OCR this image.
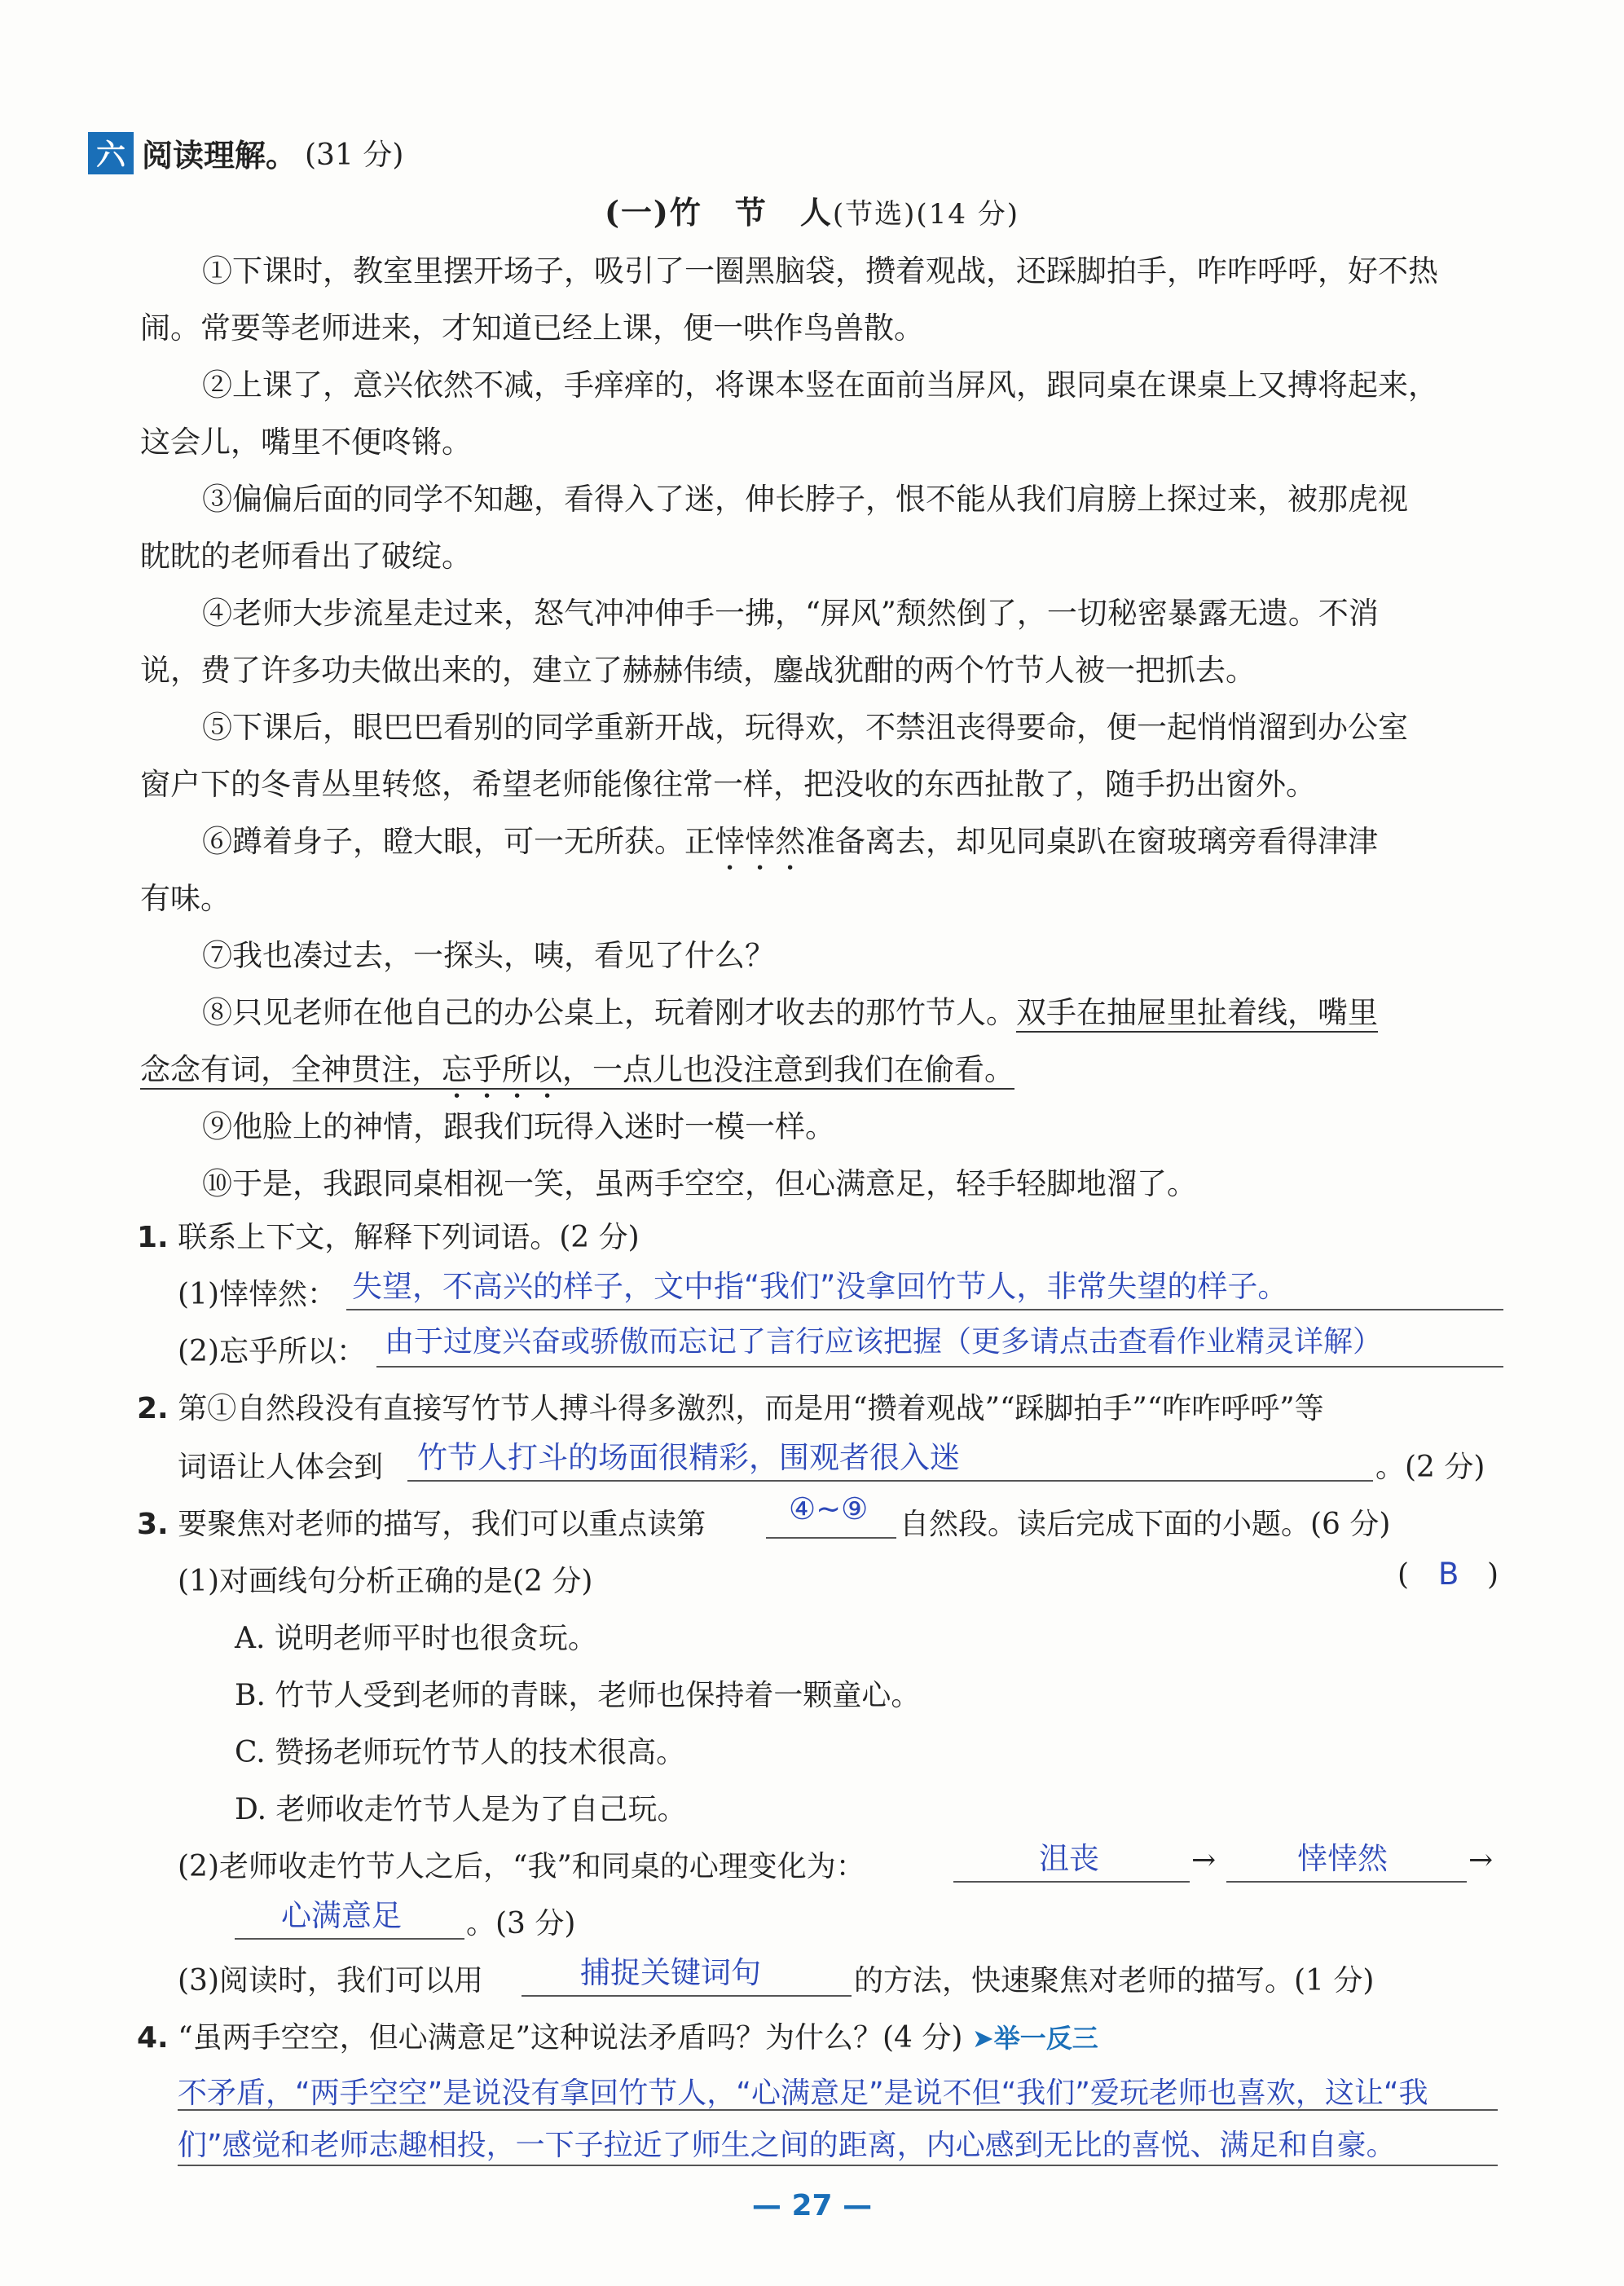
六 阅读理解。 (31 分)
(一)竹　节　人(节选)(14 分)
①下课时，教室里摆开场子，吸引了一圈黑脑袋，攒着观战，还踩脚拍手，咋咋呼呼，好不热
闹。常要等老师进来，才知道已经上课，便一哄作鸟兽散。
②上课了，意兴依然不减，手痒痒的，将课本竖在面前当屏风，跟同桌在课桌上又搏将起来，
这会儿，嘴里不便咚锵。
③偏偏后面的同学不知趣，看得入了迷，伸长脖子，恨不能从我们肩膀上探过来，被那虎视
眈眈的老师看出了破绽。
④老师大步流星走过来，怒气冲冲伸手一拂，“屏风”颓然倒了，一切秘密暴露无遗。不消
说，费了许多功夫做出来的，建立了赫赫伟绩，鏖战犹酣的两个竹节人被一把抓去。
⑤下课后，眼巴巴看别的同学重新开战，玩得欢，不禁沮丧得要命，便一起悄悄溜到办公室
窗户下的冬青丛里转悠，希望老师能像往常一样，把没收的东西扯散了，随手扔出窗外。
⑥蹲着身子，瞪大眼，可一无所获。正悻悻然准备离去，却见同桌趴在窗玻璃旁看得津津
有味。
⑦我也凑过去，一探头，咦，看见了什么？
⑧只见老师在他自己的办公桌上，玩着刚才收去的那竹节人。双手在抽屉里扯着线，嘴里
念念有词，全神贯注，忘乎所以，一点儿也没注意到我们在偷看。
⑨他脸上的神情，跟我们玩得入迷时一模一样。
⑩于是，我跟同桌相视一笑，虽两手空空，但心满意足，轻手轻脚地溜了。
1. 联系上下文，解释下列词语。(2 分)
(1)悻悻然： 失望，不高兴的样子，文中指“我们”没拿回竹节人，非常失望的样子。
(2)忘乎所以： 由于过度兴奋或骄傲而忘记了言行应该把握（更多请点击查看作业精灵详解）
2. 第①自然段没有直接写竹节人搏斗得多激烈，而是用“攒着观战”“踩脚拍手”“咋咋呼呼”等
词语让人体会到 竹节人打斗的场面很精彩，围观者很入迷	。(2 分)
3. 要聚焦对老师的描写，我们可以重点读第	④~⑨ 自然段。读后完成下面的小题。(6 分)
(1)对画线句分析正确的是(2 分)	( B )
A. 说明老师平时也很贪玩。
B. 竹节人受到老师的青睐，老师也保持着一颗童心。
C. 赞扬老师玩竹节人的技术很高。
D. 老师收走竹节人是为了自己玩。
(2)老师收走竹节人之后，“我”和同桌的心理变化为：	沮丧	→	悻悻然	→
心满意足 。(3 分)
(3)阅读时，我们可以用	捕捉关键词句	的方法，快速聚焦对老师的描写。(1 分)
4. “虽两手空空，但心满意足”这种说法矛盾吗？为什么？(4 分) ➤举一反三
不矛盾，“两手空空”是说没有拿回竹节人，“心满意足”是说不但“我们”爱玩老师也喜欢，这让“我
们”感觉和老师志趣相投，一下子拉近了师生之间的距离，内心感到无比的喜悦、满足和自豪。
— 27 —
